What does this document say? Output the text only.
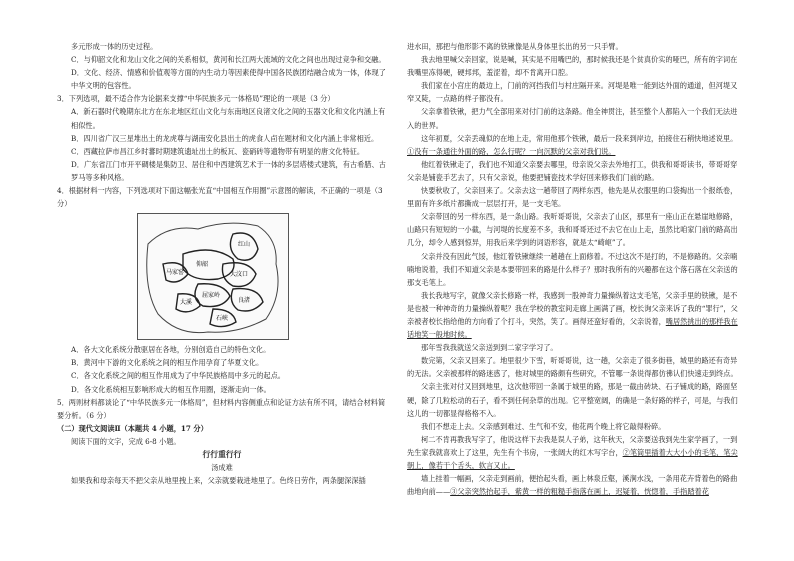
多元形成一体的历史过程。

C．与仰韶文化和龙山文化之间的关系相似，黄河和长江两大流域的文化之间也出现过竞争和交融。

D．文化、经济、情感和价值观等方面的内生动力等因素使得中国各民族团结融合成为一体，体现了中华文明的包容性。

3．下列选项，最不适合作为论据来支撑“中华民族多元一体格局”理论的一项是（3 分）

A．新石器时代晚期东北方在东北地区红山文化与东南地区良渚文化之间的玉器文化和文化内涵上有相似性。

B．四川省广汉三星堆出土的龙虎尊与湖南安化县出土的虎食人卣在题材和文化内涵上非常相近。

C．西藏拉萨市昌江乡时蕃时期建筑遗址出土的板瓦、瓷硝砖等遗物带有明显的唐文化特征。

D．广东省江门市开平碉楼是集防卫、居住和中西建筑艺术于一体的多层塔楼式建筑，有古希腊、古罗马等多种风格。

4．根据材料一内容，下列选项对下面这幅张光直“中国相互作用圈”示意图的解读，不正确的一项是（3 分）

红山
仰韶
大汶口
马家窑
屈家岭
良渚
大溪
石峡

A．各大文化系统分散驱居在各地，分别创造自己的特色文化。

B．黄河中下游的文化系统之间的相互作用孕育了华夏文化。

C．各文化系统之间的相互作用成为了中华民族格局中多元的起点。

D．各文化系统相互影响形成大的相互作用圈，逐渐走向一体。

5．两则材料都谈论了“中华民族多元一体格局”，但材料内容侧重点和论证方法有所不同，请结合材料简要分析。（6 分）

（二）现代文阅读Ⅱ（本题共 4 小题，17 分）

阅读下面的文字，完成 6-8 小题。

行行重行行

汤成难

如果我和母亲每天不把父亲从地里拽上来，父亲就要栽进地里了。色终日劳作，两条腿深深插

进水田，那把与他形影不离的铁锹像是从身体里长出的另一只手臂。

我去地里喊父亲回家，说是喊，其实是不用嘴巴的，那时候我还是个贫真价实的哑巴，所有的字词在我嘴里冻得硬，硬邦邦，羞涩着，却不肯离开口腔。

我们家在小宫庄的最边上，门前的河挡我们与村庄隔开来。河堤是唯一能到达外面的通道，但河堤又窄又陡，一点路的样子都没有。

父亲拿着铁锹，把力气全部用来对付门前的这条路。他全神贯注，甚至整个人都陷入一个我们无法进入的世界。

这年初夏，父亲丢魂似的在地上走，常用他那个铁锹，最后一段来到岸边，拍接住石稍快地述说里。①没有一条通往外面的路，怎么行呢？一向沉默的父亲对我们说。

他红着铁锹走了，我们也不知道父亲要去哪里，母亲说父亲去外地打工，供我和哥哥读书，带哥哥穿父亲是铺瓷手艺去了，只有父亲说，他要把铺瓷技术学好回来修我们门前的路。

快要秋收了，父亲回来了。父亲去这一趟带回了两样东西，他先是从衣服里的口袋掏出一个报纸卷，里面有许多纸片都撕成一层层打开，是一支毛笔。

父亲带回的另一样东西，是一条山路。我听哥哥说，父亲去了山区，那里有一座山正在悬崖地修路，山路只有短短的一小截，与河堤的长度差不多，我和哥哥还过不去它在山上走，虽然比咱家门前的路高出几分，却令人感到惊异，用我后来学到的词语形容，就是太“崎岖”了。

父亲并没有因此气馁，他红着铁锹继续一趟趟在上面修着。不过这次不是打的，不是修路的。父亲喃喃地说着，我们不知道父亲是本要带回来的路是什么样子？那时我所有的兴趣都在这个落石落在父亲送的那支毛笔上。

我长我地写字，就像父亲长修路一样，我感到一股神奇力量操纵着这支毛笔，父亲手里的铁锹，是不是也被一种神奇的力量操纵着呢？我在学校的教室间走廊上画满了画，校长询父亲来诉了我的“罪行”，父亲被者校长指给他的方向看了个打斗，突然，笑了。画得还蛮好看的，父亲说着，嘴居然挑出的那样我在话地笑一般地时候。

那年雪我我就送父亲送到到二家字学习了。

数完第，父亲又回来了。地里很少下雪，听哥哥说，这一趟，父亲走了很多街巷，城里的路还有奇异的无法。父亲被那样的路迷惑了，他对城里的路颇有些研究，不管哪一条说得都仿彿认们快速走到终点。

父亲主张对付又回到地里，这次他带回一条属于城里的路，那是一截由砖块、石子铺成的路，路面坚硬，除了几粒松动的石子，看不到任何杂草的出现。它平整宽阔，的确是一条好路的样子，可是，与我们这儿的一切都显得格格不入。

我们不想走上去。父亲感到难过、生气和不安，他花两个晚上将它敲得粉碎。

柯二不肯再教我写字了，他说这样下去我是误人子弟，这年秋天，父亲要送我到先生家学画了，一到先生家我就喜欢上了这里，先生有个书房，一张阔大的红木写字台，②笔筒里插着大大小小的毛笔，笔尖朝上，像若干个舌头，软言又止。

墙上挂着一幅画，父亲走到画前，便抬起头看，画上林泉丘壑，溪涧水浅，一条用花卉背着色的路曲曲地向前——③父亲突然抬起手，紫黄一样的粗糙手指落在画上，迟疑着，恍惚着，手指踏着花
